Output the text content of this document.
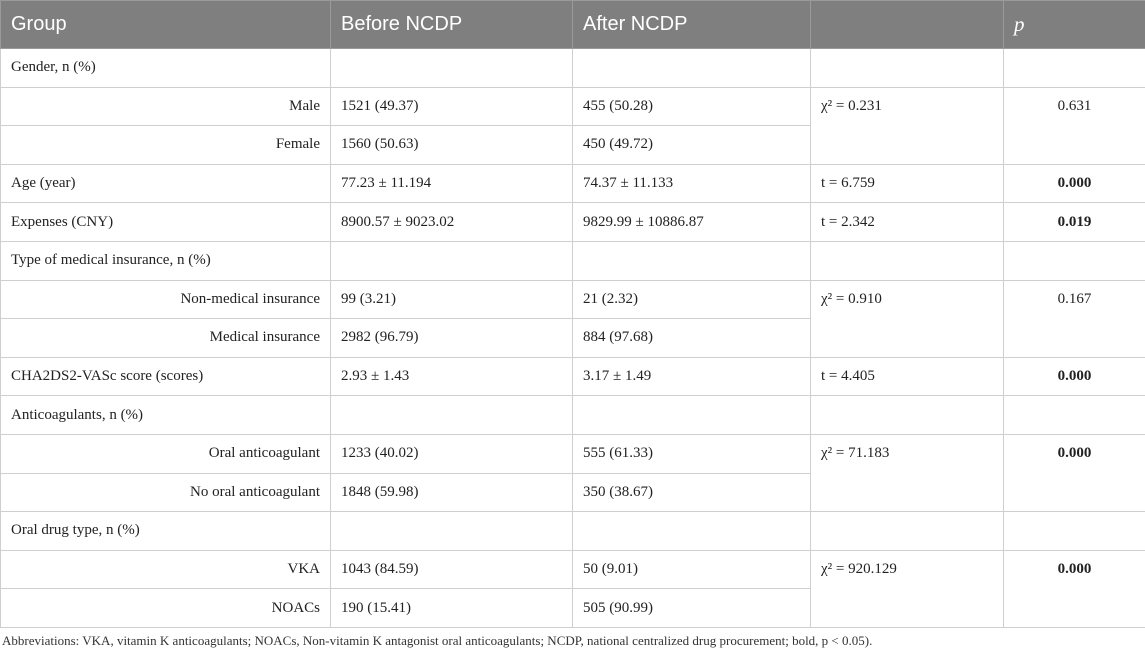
Group	Before NCDP	After NCDP		p
Gender, n (%)				
Male	1521 (49.37)	455 (50.28)	χ² = 0.231	0.631
Female	1560 (50.63)	450 (49.72)		
Age (year)	77.23 ± 11.194	74.37 ± 11.133	t = 6.759	0.000
Expenses (CNY)	8900.57 ± 9023.02	9829.99 ± 10886.87	t = 2.342	0.019
Type of medical insurance, n (%)				
Non-medical insurance	99 (3.21)	21 (2.32)	χ² = 0.910	0.167
Medical insurance	2982 (96.79)	884 (97.68)		
CHA2DS2-VASc score (scores)	2.93 ± 1.43	3.17 ± 1.49	t = 4.405	0.000
Anticoagulants, n (%)				
Oral anticoagulant	1233 (40.02)	555 (61.33)	χ² = 71.183	0.000
No oral anticoagulant	1848 (59.98)	350 (38.67)		
Oral drug type, n (%)				
VKA	1043 (84.59)	50 (9.01)	χ² = 920.129	0.000
NOACs	190 (15.41)	505 (90.99)		
Abbreviations: VKA, vitamin K anticoagulants; NOACs, Non-vitamin K antagonist oral anticoagulants; NCDP, national centralized drug procurement; bold, p < 0.05).
